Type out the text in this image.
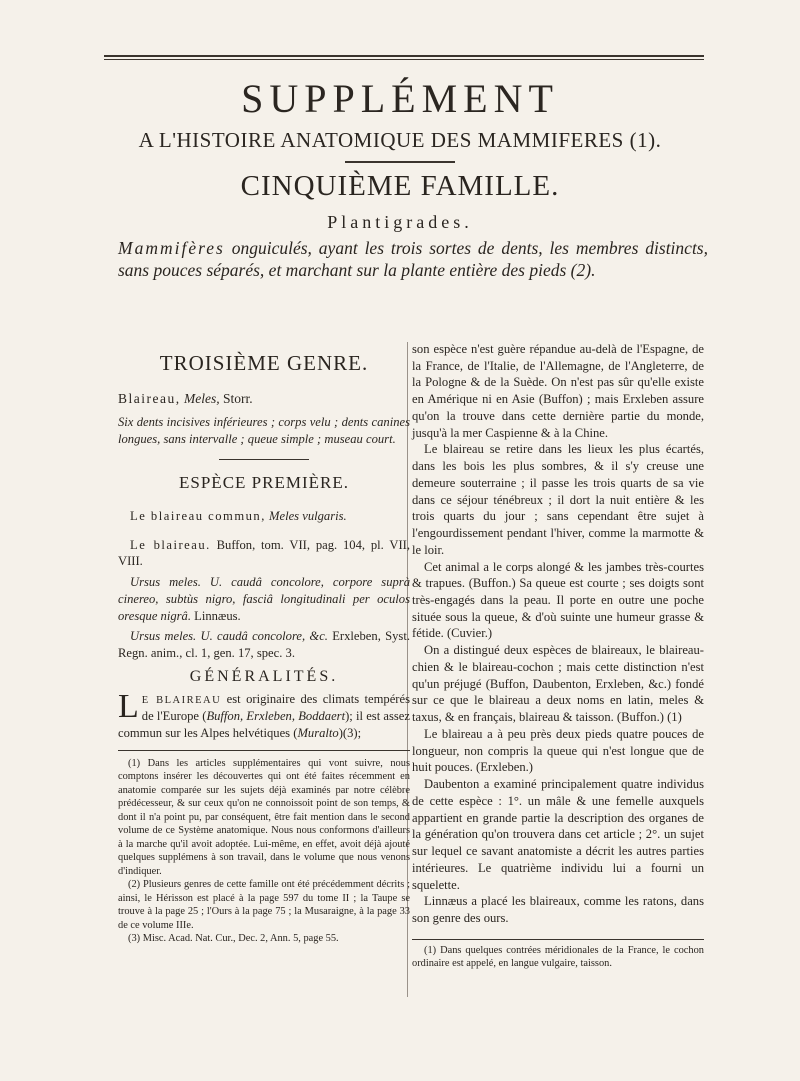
SUPPLÉMENT
A L'HISTOIRE ANATOMIQUE DES MAMMIFERES (1).
CINQUIÈME FAMILLE.
Plantigrades.
Mammifères onguiculés, ayant les trois sortes de dents, les membres distincts, sans pouces séparés, et marchant sur la plante entière des pieds (2).

TROISIÈME GENRE.

Blaireau, Meles, Storr.

Six dents incisives inférieures ; corps velu ; dents canines longues, sans intervalle ; queue simple ; museau court.

ESPÈCE PREMIÈRE.

Le blaireau commun, Meles vulgaris.

Le blaireau. Buffon, tom. VII, pag. 104, pl. VII, VIII.

Ursus meles. U. caudâ concolore, corpore suprà cinereo, subtùs nigro, fasciâ longitudinali per oculos oresque nigrâ. Linnæus.

Ursus meles. U. caudâ concolore, &c. Erxleben, Syst. Regn. anim., cl. 1, gen. 17, spec. 3.

GÉNÉRALITÉS.

LE BLAIREAU est originaire des climats tempérés de l'Europe (Buffon, Erxleben, Boddaert); il est assez commun sur les Alpes helvétiques (Muralto)(3);

(1) Dans les articles supplémentaires qui vont suivre, nous comptons insérer les découvertes qui ont été faites récemment en anatomie comparée sur les sujets déjà examinés par notre célèbre prédécesseur, & sur ceux qu'on ne connoissoit point de son temps, & dont il n'a point pu, par conséquent, être fait mention dans le second volume de ce Système anatomique. Nous nous conformons d'ailleurs à la marche qu'il avoit adoptée. Lui-même, en effet, avoit déjà ajouté quelques supplémens à son travail, dans le volume que nous venons d'indiquer.

(2) Plusieurs genres de cette famille ont été précédemment décrits ; ainsi, le Hérisson est placé à la page 597 du tome II ; la Taupe se trouve à la page 25 ; l'Ours à la page 75 ; la Musaraigne, à la page 33 de ce volume IIIe.

(3) Misc. Acad. Nat. Cur., Dec. 2, Ann. 5, page 55.

son espèce n'est guère répandue au-delà de l'Espagne, de la France, de l'Italie, de l'Allemagne, de l'Angleterre, de la Pologne & de la Suède. On n'est pas sûr qu'elle existe en Amérique ni en Asie (Buffon) ; mais Erxleben assure qu'on la trouve dans cette dernière partie du monde, jusqu'à la mer Caspienne & à la Chine.

Le blaireau se retire dans les lieux les plus écartés, dans les bois les plus sombres, & il s'y creuse une demeure souterraine ; il passe les trois quarts de sa vie dans ce séjour ténébreux ; il dort la nuit entière & les trois quarts du jour ; sans cependant être sujet à l'engourdissement pendant l'hiver, comme la marmotte & le loir.

Cet animal a le corps alongé & les jambes très-courtes & trapues. (Buffon.) Sa queue est courte ; ses doigts sont très-engagés dans la peau. Il porte en outre une poche située sous la queue, & d'où suinte une humeur grasse & fétide. (Cuvier.)

On a distingué deux espèces de blaireaux, le blaireau-chien & le blaireau-cochon ; mais cette distinction n'est qu'un préjugé (Buffon, Daubenton, Erxleben, &c.) fondé sur ce que le blaireau a deux noms en latin, meles & taxus, & en français, blaireau & taisson. (Buffon.) (1)

Le blaireau a à peu près deux pieds quatre pouces de longueur, non compris la queue qui n'est longue que de huit pouces. (Erxleben.)

Daubenton a examiné principalement quatre individus de cette espèce : 1°. un mâle & une femelle auxquels appartient en grande partie la description des organes de la génération qu'on trouvera dans cet article ; 2°. un sujet sur lequel ce savant anatomiste a décrit les autres parties intérieures. Le quatrième individu lui a fourni un squelette.

Linnæus a placé les blaireaux, comme les ratons, dans son genre des ours.

(1) Dans quelques contrées méridionales de la France, le cochon ordinaire est appelé, en langue vulgaire, taisson.
